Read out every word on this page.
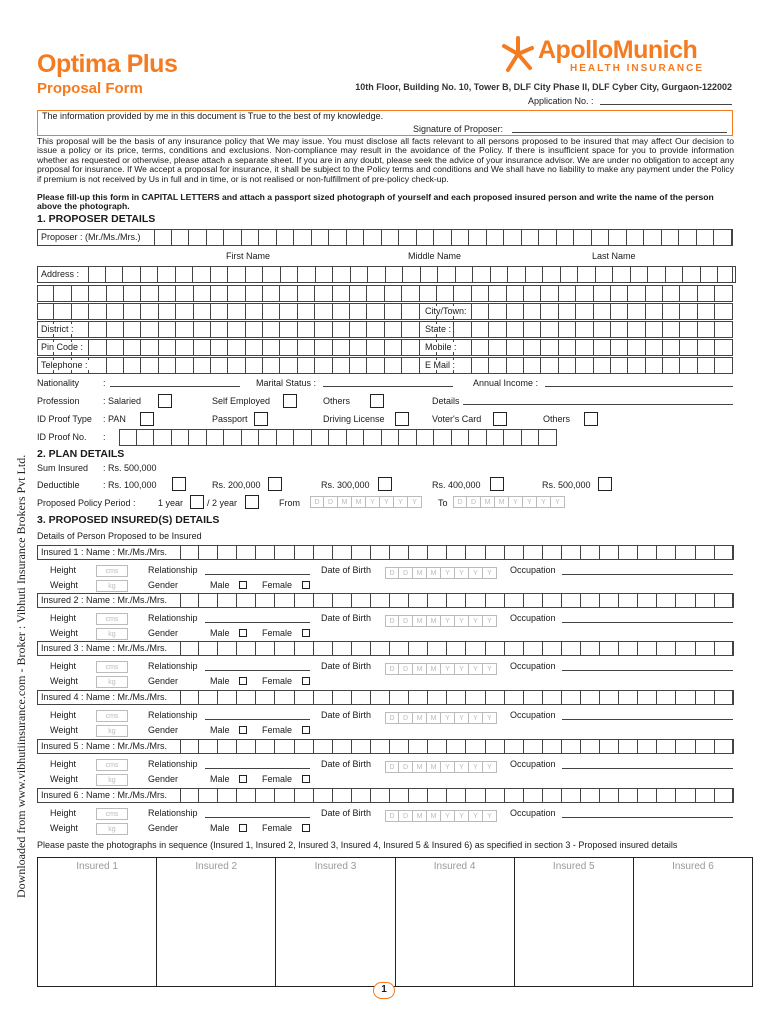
Downloaded from www.vibhutiinsurance.com - Broker : Vibhuti Insurance Brokers Pvt Ltd.
Optima Plus
Proposal Form
ApolloMunich
HEALTH INSURANCE
10th Floor, Building No. 10, Tower B, DLF City Phase II, DLF Cyber City, Gurgaon-122002
Application No. :
The information provided by me in this document is True to the best of my knowledge.
Signature of Proposer:
This proposal will be the basis of any insurance policy that We may issue. You must disclose all facts relevant to all persons proposed to be insured that may affect Our decision to issue a policy or its price, terms, conditions and exclusions. Non-compliance may result in the avoidance of the Policy. If there is insufficient space for you to provide information whether as requested or otherwise, please attach a separate sheet. If you are in any doubt, please seek the advice of your insurance advisor. We are under no obligation to accept any proposal for insurance. If We accept a proposal for insurance, it shall be subject to the Policy terms and conditions and We shall have no liability to make any payment under the Policy if premium is not received by Us in full and in time, or is not realised or non-fulfillment of pre-policy check-up.
Please fill-up this form in CAPITAL LETTERS and attach a passport sized photograph of yourself and each proposed insured person and write the name of the person above the photograph.
1. PROPOSER DETAILS
Proposer : (Mr./Ms./Mrs.)
First Name	Middle Name	Last Name
Address :
City/Town:
District :	State :
Pin Code :	Mobile :
Telephone :	E Mail :
Nationality	:	Marital Status :	Annual Income :
Profession	: Salaried	Self Employed	Others	Details
ID Proof Type : PAN	Passport	Driving License	Voter's Card	Others
ID Proof No. :
2. PLAN DETAILS
Sum Insured : Rs. 500,000
Deductible	: Rs. 100,000	Rs. 200,000	Rs. 300,000	Rs. 400,000	Rs. 500,000
Proposed Policy Period : 1 year	/ 2 year	From	D	D	M	M	Y	Y	Y	Y	To	D	D	M	M	Y	Y	Y	Y
3. PROPOSED INSURED(S) DETAILS
Details of Person Proposed to be Insured
Insured 1 : Name : Mr./Ms./Mrs.
Height	cms
Weight	kg
Relationship
Gender	Male	Female
Date of Birth	D	D	M	M	Y	Y	Y	Y	Occupation
Insured 2 : Name : Mr./Ms./Mrs.
Height	cms
Weight	kg
Relationship
Gender	Male	Female
Date of Birth	D	D	M	M	Y	Y	Y	Y	Occupation
Insured 3 : Name : Mr./Ms./Mrs.
Height	cms
Weight	kg
Relationship
Gender	Male	Female
Date of Birth	D	D	M	M	Y	Y	Y	Y	Occupation
Insured 4 : Name : Mr./Ms./Mrs.
Height	cms
Weight	kg
Relationship
Gender	Male	Female
Date of Birth	D	D	M	M	Y	Y	Y	Y	Occupation
Insured 5 : Name : Mr./Ms./Mrs.
Height	cms
Weight	kg
Relationship
Gender	Male	Female
Date of Birth	D	D	M	M	Y	Y	Y	Y	Occupation
Insured 6 : Name : Mr./Ms./Mrs.
Height	cms
Weight	kg
Relationship
Gender	Male	Female
Date of Birth	D	D	M	M	Y	Y	Y	Y	Occupation
Please paste the photographs in sequence (Insured 1, Insured 2, Insured 3, Insured 4, Insured 5 & Insured 6) as specified in section 3 - Proposed insured details
Insured 1	Insured 2	Insured 3	Insured 4	Insured 5	Insured 6
1
